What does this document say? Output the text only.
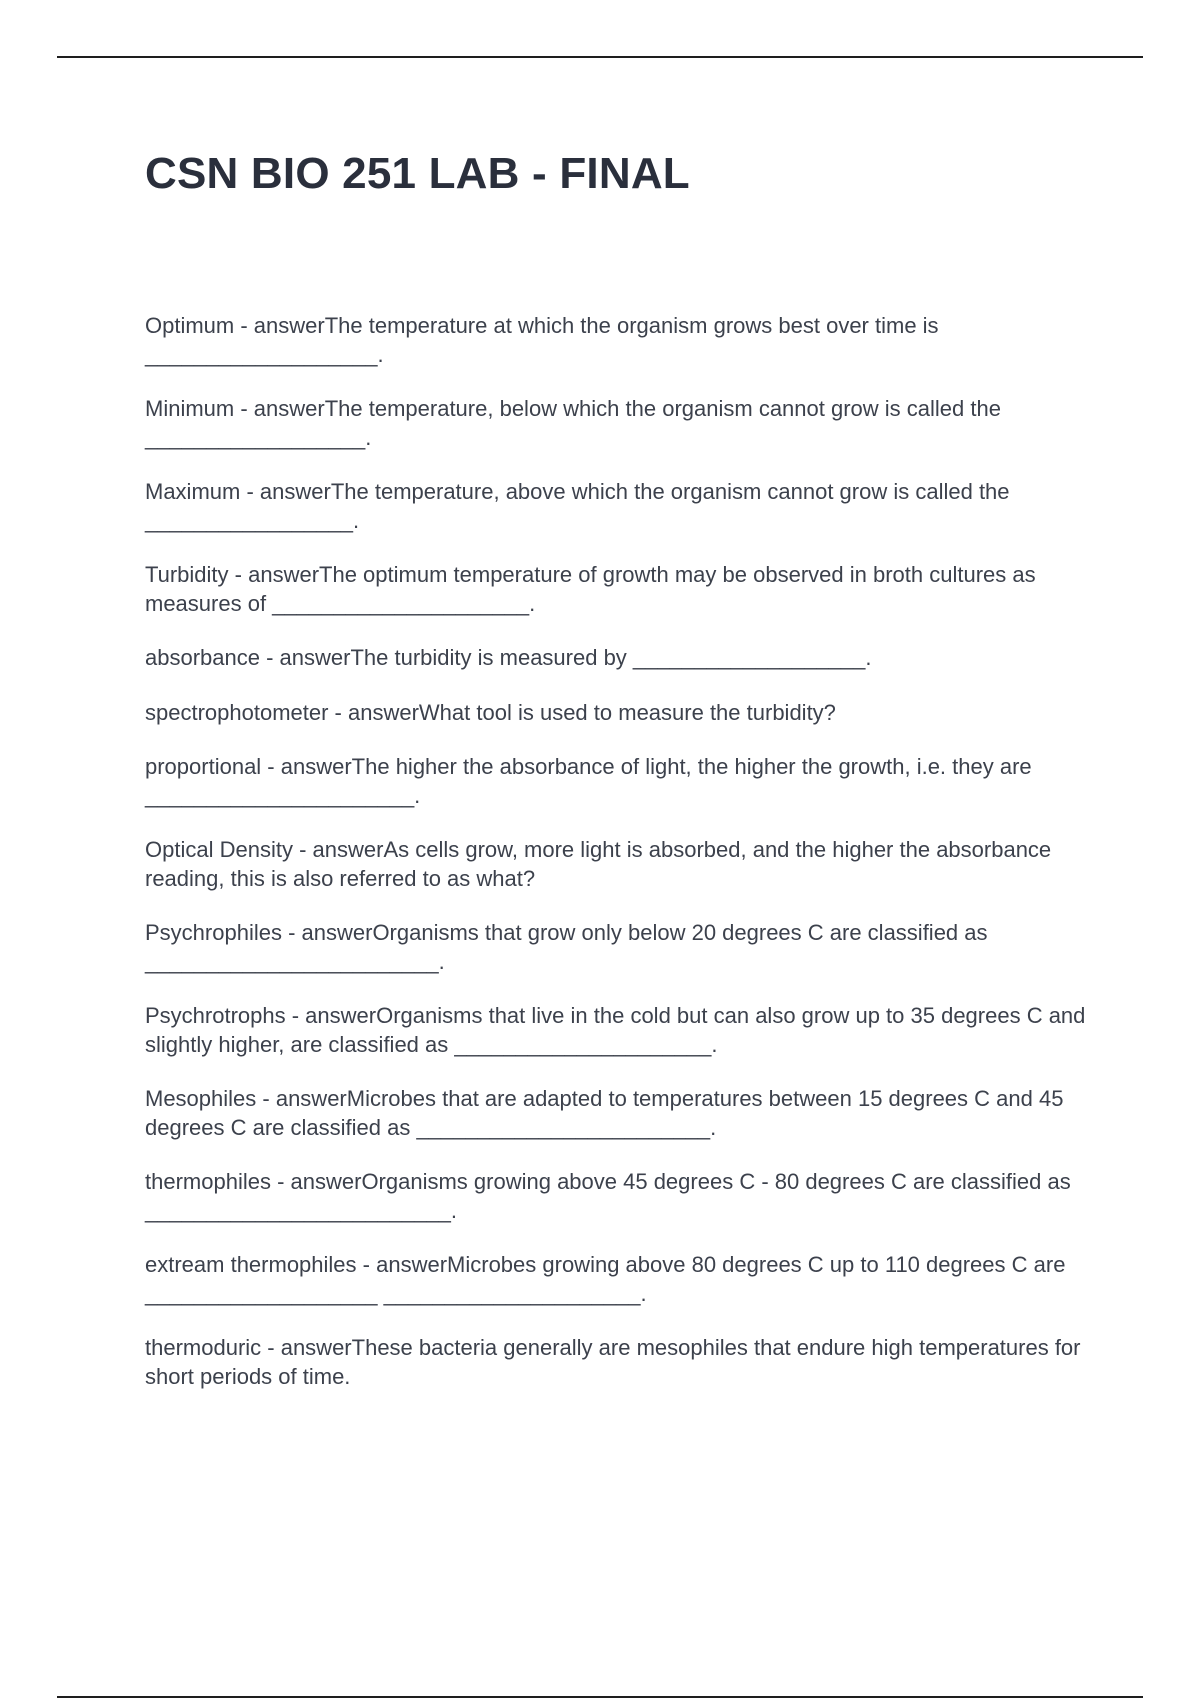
CSN BIO 251 LAB - FINAL
Optimum - answerThe temperature at which the organism grows best over time is ___________________.
Minimum - answerThe temperature, below which the organism cannot grow is called the __________________.
Maximum - answerThe temperature, above which the organism cannot grow is called the _________________.
Turbidity - answerThe optimum temperature of growth may be observed in broth cultures as measures of _____________________.
absorbance - answerThe turbidity is measured by ___________________.
spectrophotometer - answerWhat tool is used to measure the turbidity?
proportional - answerThe higher the absorbance of light, the higher the growth, i.e. they are ______________________.
Optical Density - answerAs cells grow, more light is absorbed, and the higher the absorbance reading, this is also referred to as what?
Psychrophiles - answerOrganisms that grow only below 20 degrees C are classified as ________________________.
Psychrotrophs - answerOrganisms that live in the cold but can also grow up to 35 degrees C and slightly higher, are classified as _____________________.
Mesophiles - answerMicrobes that are adapted to temperatures between 15 degrees C and 45 degrees C are classified as ________________________.
thermophiles - answerOrganisms growing above 45 degrees C - 80 degrees C are classified as _________________________.
extream thermophiles - answerMicrobes growing above 80 degrees C up to 110 degrees C are ___________________ _____________________.
thermoduric - answerThese bacteria generally are mesophiles that endure high temperatures for short periods of time.
